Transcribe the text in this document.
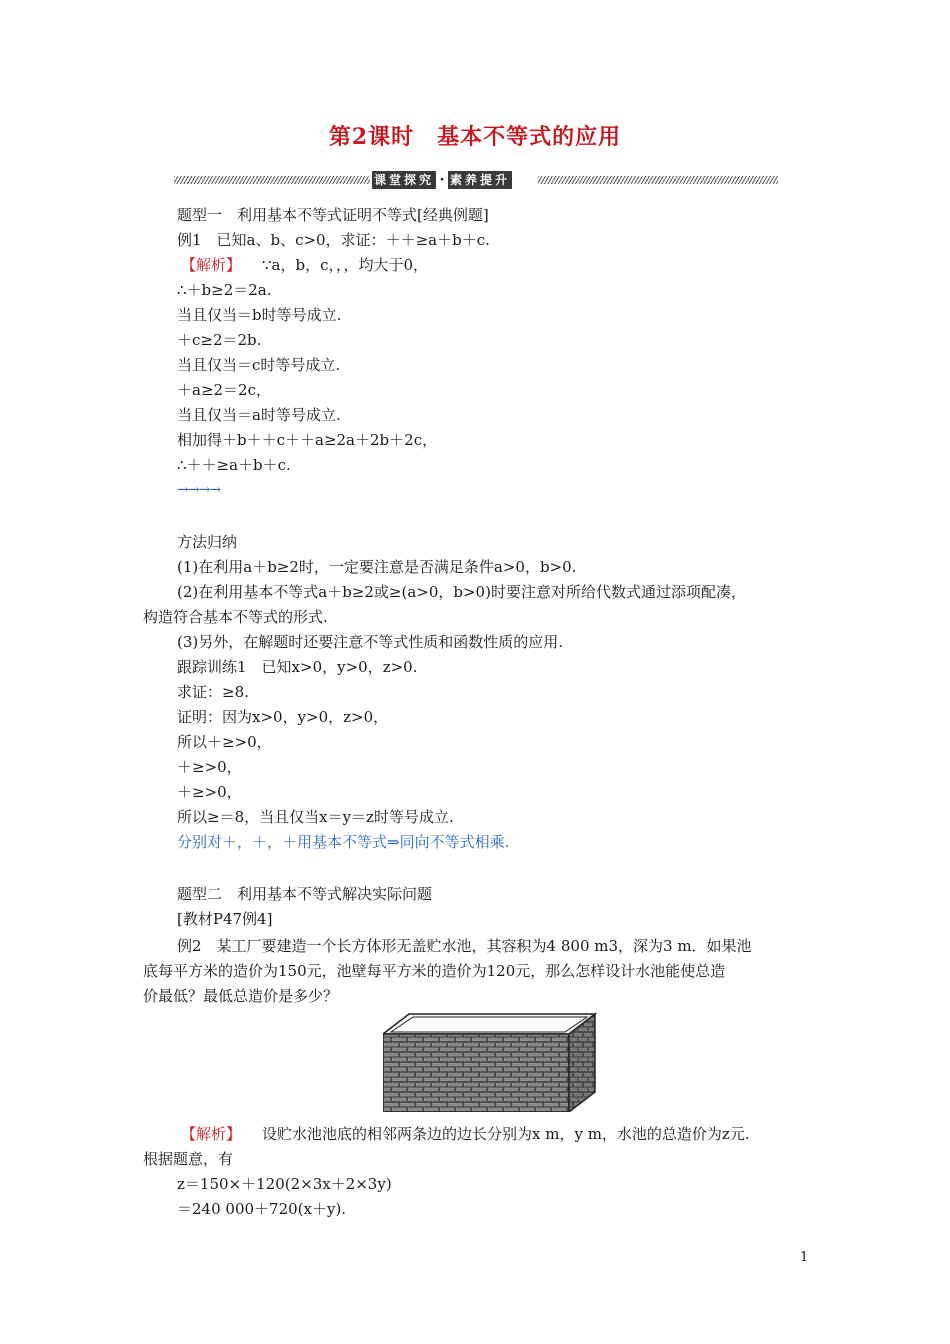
第2课时　基本不等式的应用
课堂探究 · 素养提升
题型一　利用基本不等式证明不等式[经典例题]
例1　已知a、b、c>0，求证：＋＋≥a＋b＋c.
【解析】 ∵a，b，c，，，均大于0，
∴＋b≥2＝2a.
当且仅当＝b时等号成立.
＋c≥2＝2b.
当且仅当＝c时等号成立.
＋a≥2＝2c，
当且仅当＝a时等号成立.
相加得＋b＋＋c＋＋a≥2a＋2b＋2c，
∴＋＋≥a＋b＋c.
→→→→
方法归纳
(1)在利用a＋b≥2时，一定要注意是否满足条件a>0，b>0.
(2)在利用基本不等式a＋b≥2或≥(a>0，b>0)时要注意对所给代数式通过添项配凑，
构造符合基本不等式的形式.
(3)另外，在解题时还要注意不等式性质和函数性质的应用.
跟踪训练1　已知x>0，y>0，z>0.
求证：≥8.
证明：因为x>0，y>0，z>0，
所以＋≥>0，
＋≥>0，
＋≥>0，
所以≥＝8，当且仅当x＝y＝z时等号成立.
分别对＋，＋，＋用基本不等式⇒同向不等式相乘.
题型二　利用基本不等式解决实际问题
[教材P47例4]
例2　某工厂要建造一个长方体形无盖贮水池，其容积为4 800 m3，深为3 m．如果池
底每平方米的造价为150元，池壁每平方米的造价为120元，那么怎样设计水池能使总造
价最低？最低总造价是多少？
【解析】 设贮水池池底的相邻两条边的边长分别为x m，y m，水池的总造价为z元.
根据题意，有
z＝150×＋120(2×3x＋2×3y)
＝240 000＋720(x＋y).
1
